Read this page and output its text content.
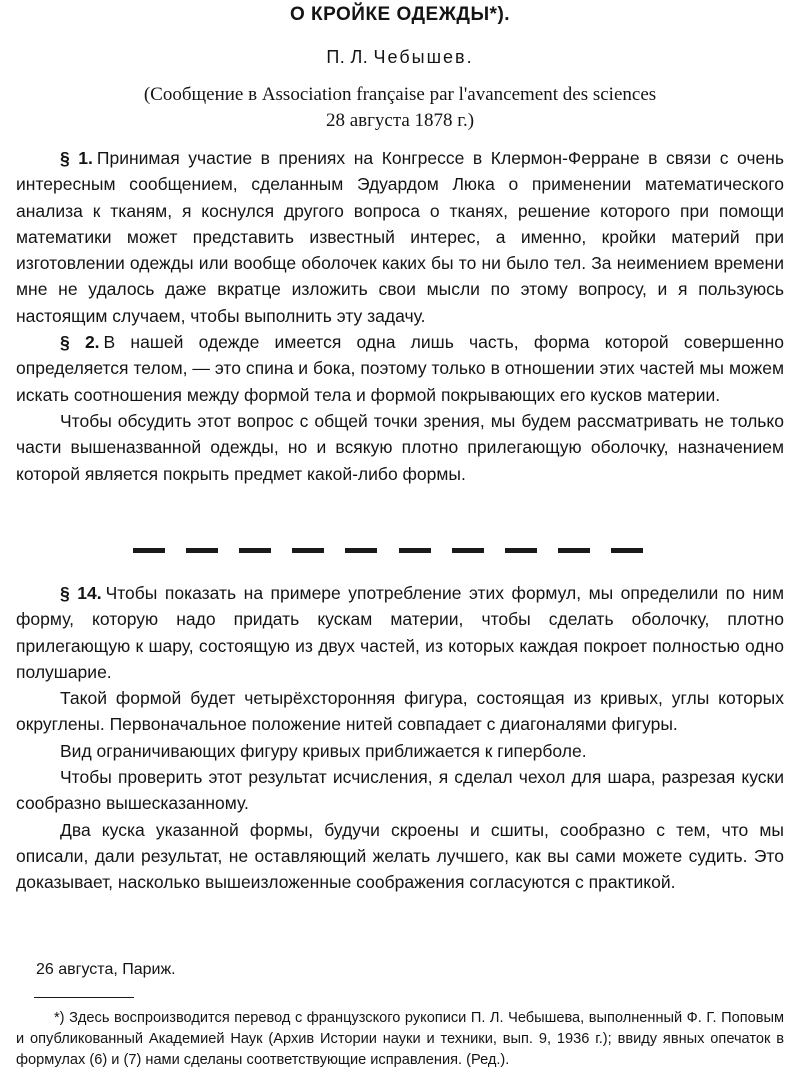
О КРОЙКЕ ОДЕЖДЫ*).
П. Л. Чебышев.
(Сообщение в Association française par l'avancement des sciences
28 августа 1878 г.)

§ 1. Принимая участие в прениях на Конгрессе в Клермон-Ферране в связи с очень интересным сообщением, сделанным Эдуардом Люка о применении математического анализа к тканям, я коснулся другого вопроса о тканях, решение которого при помощи математики может представить известный интерес, а именно, кройки материй при изготовлении одежды или вообще оболочек каких бы то ни было тел. За неимением времени мне не удалось даже вкратце изложить свои мысли по этому вопросу, и я пользуюсь настоящим случаем, чтобы выполнить эту задачу.

§ 2. В нашей одежде имеется одна лишь часть, форма которой совершенно определяется телом, — это спина и бока, поэтому только в отношении этих частей мы можем искать соотношения между формой тела и формой покрывающих его кусков материи.

Чтобы обсудить этот вопрос с общей точки зрения, мы будем рассматривать не только части вышеназванной одежды, но и всякую плотно прилегающую оболочку, назначением которой является покрыть предмет какой-либо формы.

§ 14. Чтобы показать на примере употребление этих формул, мы определили по ним форму, которую надо придать кускам материи, чтобы сделать оболочку, плотно прилегающую к шару, состоящую из двух частей, из которых каждая покроет полностью одно полушарие.

Такой формой будет четырёхсторонняя фигура, состоящая из кривых, углы которых округлены. Первоначальное положение нитей совпадает с диагоналями фигуры.

Вид ограничивающих фигуру кривых приближается к гиперболе.

Чтобы проверить этот результат исчисления, я сделал чехол для шара, разрезая куски сообразно вышесказанному.

Два куска указанной формы, будучи скроены и сшиты, сообразно с тем, что мы описали, дали результат, не оставляющий желать лучшего, как вы сами можете судить. Это доказывает, насколько вышеизложенные соображения согласуются с практикой.

26 августа, Париж.

*) Здесь воспроизводится перевод с французского рукописи П. Л. Чебышева, выполненный Ф. Г. Поповым и опубликованный Академией Наук (Архив Истории науки и техники, вып. 9, 1936 г.); ввиду явных опечаток в формулах (6) и (7) нами сделаны соответствующие исправления. (Ред.).
